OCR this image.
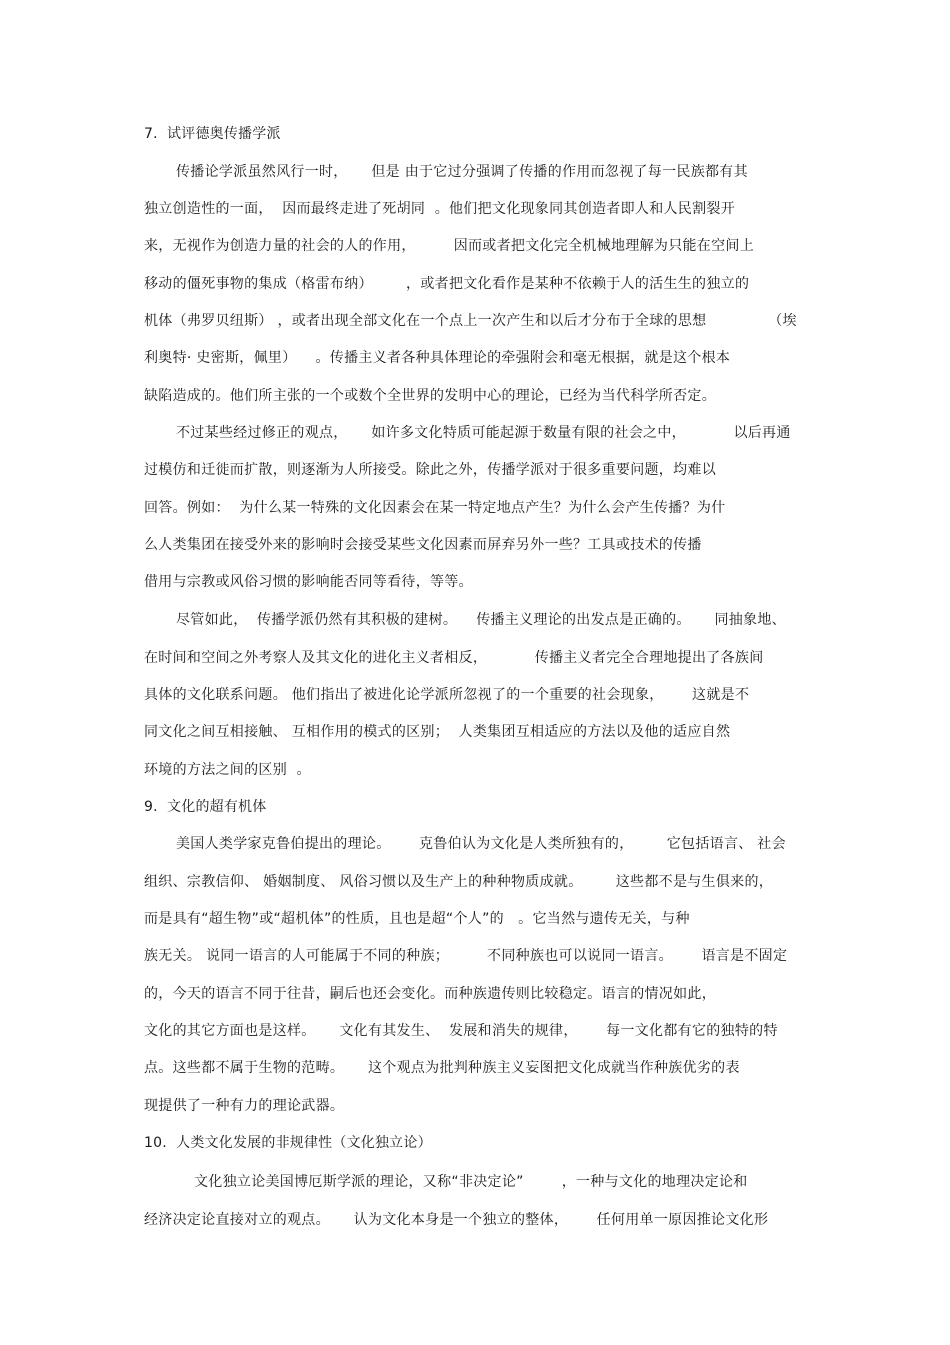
7.  试评德奥传播学派
传播论学派虽然风行一时，     但是 由于它过分强调了传播的作用而忽视了每一民族都有其
独立创造性的一面，  因而最终走进了死胡同  。他们把文化现象同其创造者即人和人民割裂开
来，无视作为创造力量的社会的人的作用，        因而或者把文化完全机械地理解为只能在空间上
移动的僵死事物的集成（格雷布纳）       ，或者把文化看作是某种不依赖于人的活生生的独立的
机体（弗罗贝纽斯） ，或者出现全部文化在一个点上一次产生和以后才分布于全球的思想             （埃
利奥特· 史密斯，佩里）    。传播主义者各种具体理论的牵强附会和毫无根据，就是这个根本
缺陷造成的。他们所主张的一个或数个全世界的发明中心的理论，已经为当代科学所否定。
不过某些经过修正的观点，     如许多文化特质可能起源于数量有限的社会之中，          以后再通
过模仿和迁徙而扩散，则逐渐为人所接受。除此之外，传播学派对于很多重要问题，均难以
回答。例如：  为什么某一特殊的文化因素会在某一特定地点产生？为什么会产生传播？为什
么人类集团在接受外来的影响时会接受某些文化因素而屏弃另外一些？工具或技术的传播
借用与宗教或风俗习惯的影响能否同等看待，等等。
尽管如此，  传播学派仍然有其积极的建树。    传播主义理论的出发点是正确的。     同抽象地、
在时间和空间之外考察人及其文化的进化主义者相反，          传播主义者完全合理地提出了各族间
具体的文化联系问题。 他们指出了被进化论学派所忽视了的一个重要的社会现象，      这就是不
同文化之间互相接触、 互相作用的模式的区别；  人类集团互相适应的方法以及他的适应自然
环境的方法之间的区别  。
9.  文化的超有机体
美国人类学家克鲁伯提出的理论。      克鲁伯认为文化是人类所独有的，       它包括语言、 社会
组织、宗教信仰、 婚姻制度、 风俗习惯以及生产上的种种物质成就。       这些都不是与生俱来的，
而是具有“超生物”或“超机体”的性质，且也是超“个人”的   。它当然与遗传无关，与种
族无关。 说同一语言的人可能属于不同的种族；        不同种族也可以说同一语言。      语言是不固定
的，今天的语言不同于往昔，嗣后也还会变化。而种族遗传则比较稳定。语言的情况如此，
文化的其它方面也是这样。     文化有其发生、  发展和消失的规律，      每一文化都有它的独特的特
点。这些都不属于生物的范畴。     这个观点为批判种族主义妄图把文化成就当作种族优劣的表
现提供了一种有力的理论武器。
10.  人类文化发展的非规律性（文化独立论）
文化独立论美国博厄斯学派的理论，又称“非决定论”        ，一种与文化的地理决定论和
经济决定论直接对立的观点。     认为文化本身是一个独立的整体，      任何用单一原因推论文化形
